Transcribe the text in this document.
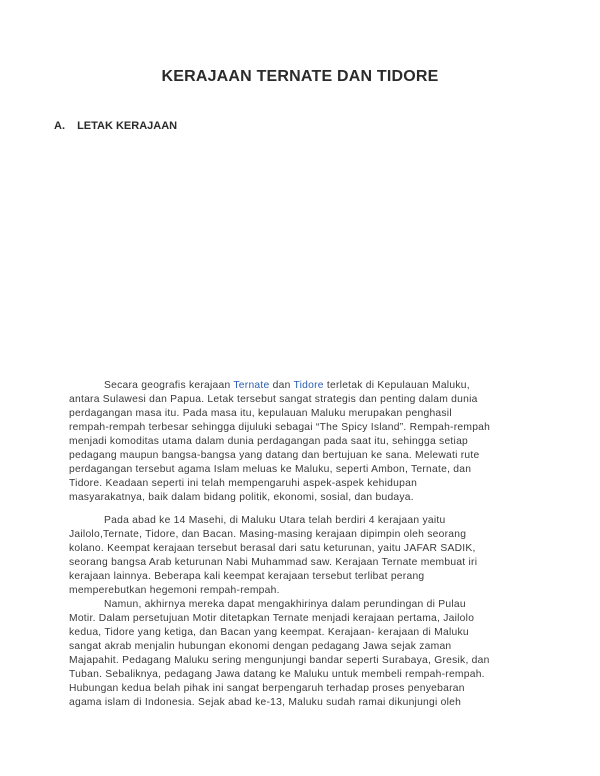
KERAJAAN TERNATE DAN TIDORE
A. LETAK KERAJAAN
Secara geografis kerajaan Ternate dan Tidore terletak di Kepulauan Maluku,
antara Sulawesi dan Papua. Letak tersebut sangat strategis dan penting dalam dunia
perdagangan masa itu. Pada masa itu, kepulauan Maluku merupakan penghasil
rempah-rempah terbesar sehingga dijuluki sebagai “The Spicy Island”. Rempah-rempah
menjadi komoditas utama dalam dunia perdagangan pada saat itu, sehingga setiap
pedagang maupun bangsa-bangsa yang datang dan bertujuan ke sana. Melewati rute
perdagangan tersebut agama Islam meluas ke Maluku, seperti Ambon, Ternate, dan
Tidore. Keadaan seperti ini telah mempengaruhi aspek-aspek kehidupan
masyarakatnya, baik dalam bidang politik, ekonomi, sosial, dan budaya.
Pada abad ke 14 Masehi, di Maluku Utara telah berdiri 4 kerajaan yaitu
Jailolo,Ternate, Tidore, dan Bacan. Masing-masing kerajaan dipimpin oleh seorang
kolano. Keempat kerajaan tersebut berasal dari satu keturunan, yaitu JAFAR SADIK,
seorang bangsa Arab keturunan Nabi Muhammad saw. Kerajaan Ternate membuat iri
kerajaan lainnya. Beberapa kali keempat kerajaan tersebut terlibat perang
memperebutkan hegemoni rempah-rempah.
Namun, akhirnya mereka dapat mengakhirinya dalam perundingan di Pulau
Motir. Dalam persetujuan Motir ditetapkan Ternate menjadi kerajaan pertama, Jailolo
kedua, Tidore yang ketiga, dan Bacan yang keempat. Kerajaan- kerajaan di Maluku
sangat akrab menjalin hubungan ekonomi dengan pedagang Jawa sejak zaman
Majapahit. Pedagang Maluku sering mengunjungi bandar seperti Surabaya, Gresik, dan
Tuban. Sebaliknya, pedagang Jawa datang ke Maluku untuk membeli rempah-rempah.
Hubungan kedua belah pihak ini sangat berpengaruh terhadap proses penyebaran
agama islam di Indonesia. Sejak abad ke-13, Maluku sudah ramai dikunjungi oleh
